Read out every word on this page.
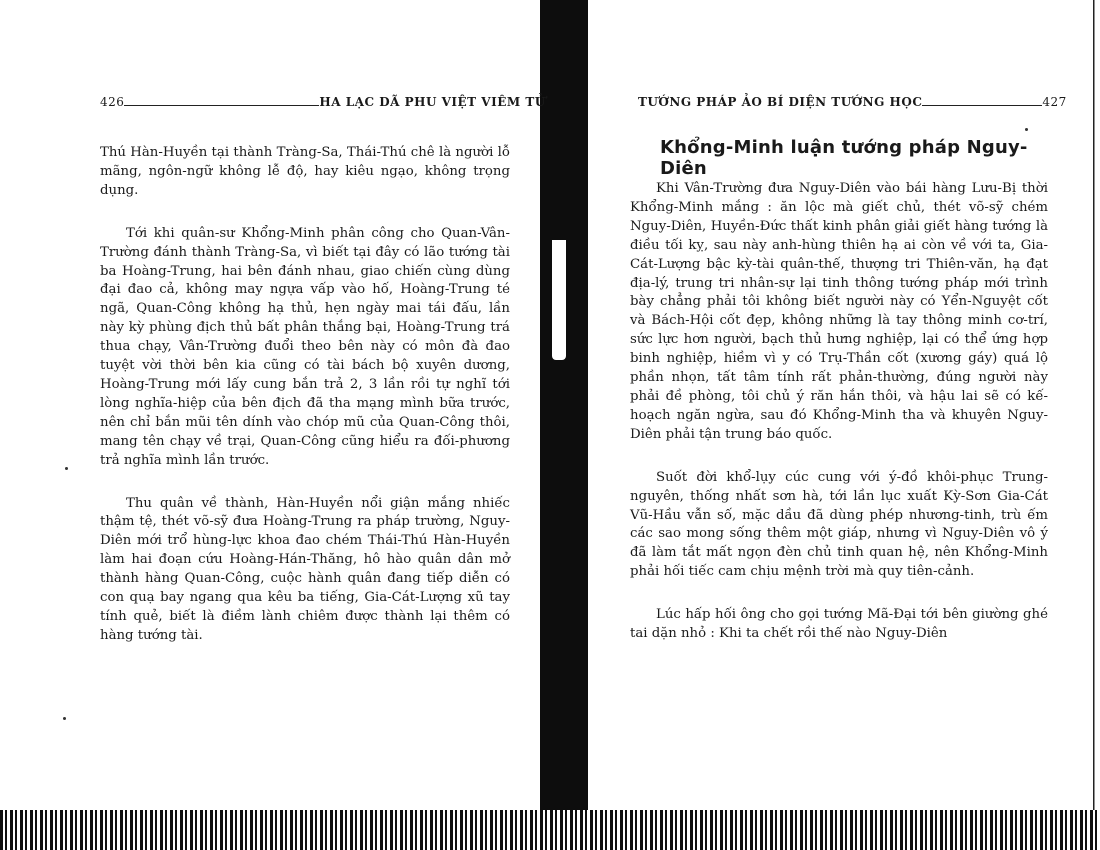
426	HA LẠC DÃ PHU VIỆT VIÊM TỬ

Thú Hàn-Huyền tại thành Tràng-Sa, Thái-Thú chê là người lỗ mãng, ngôn-ngữ không lễ độ, hay kiêu ngạo, không trọng dụng.

Tới khi quân-sư Khổng-Minh phân công cho Quan-Vân-Trường đánh thành Tràng-Sa, vì biết tại đây có lão tướng tài ba Hoàng-Trung, hai bên đánh nhau, giao chiến cùng dùng đại đao cả, không may ngựa vấp vào hố, Hoàng-Trung té ngã, Quan-Công không hạ thủ, hẹn ngày mai tái đấu, lần này kỳ phùng địch thủ bất phân thắng bại, Hoàng-Trung trá thua chạy, Vân-Trường đuổi theo bên này có môn đà đao tuyệt vời thời bên kia cũng có tài bách bộ xuyên dương, Hoàng-Trung mới lấy cung bắn trả 2, 3 lần rồi tự nghĩ tới lòng nghĩa-hiệp của bên địch đã tha mạng mình bữa trước, nên chỉ bắn mũi tên dính vào chóp mũ của Quan-Công thôi, mang tên chạy về trại, Quan-Công cũng hiểu ra đối-phương trả nghĩa mình lần trước.

Thu quân về thành, Hàn-Huyền nổi giận mắng nhiếc thậm tệ, thét võ-sỹ đưa Hoàng-Trung ra pháp trường, Nguy-Diên mới trổ hùng-lực khoa đao chém Thái-Thú Hàn-Huyền làm hai đoạn cứu Hoàng-Hán-Thăng, hô hào quân dân mở thành hàng Quan-Công, cuộc hành quân đang tiếp diễn có con quạ bay ngang qua kêu ba tiếng, Gia-Cát-Lượng xũ tay tính quẻ, biết là điềm lành chiêm được thành lại thêm có hàng tướng tài.

TƯỚNG PHÁP ẢO BÍ DIỆN TƯỚNG HỌC	427
Khổng-Minh luận tướng pháp Nguy-Diên

Khi Vân-Trường đưa Nguy-Diên vào bái hàng Lưu-Bị thời Khổng-Minh mắng : ăn lộc mà giết chủ, thét võ-sỹ chém Nguy-Diên, Huyền-Đức thất kinh phân giải giết hàng tướng là điều tối kỵ, sau này anh-hùng thiên hạ ai còn về với ta, Gia-Cát-Lượng bậc kỳ-tài quân-thế, thượng tri Thiên-văn, hạ đạt địa-lý, trung tri nhân-sự lại tinh thông tướng pháp mới trình bày chẳng phải tôi không biết người này có Yển-Nguyệt cốt và Bách-Hội cốt đẹp, không những là tay thông minh cơ-trí, sức lực hơn người, bạch thủ hưng nghiệp, lại có thể ứng hợp binh nghiệp, hiềm vì y có Trụ-Thần cốt (xương gáy) quá lộ phần nhọn, tất tâm tính rất phản-thường, đúng người này phải đề phòng, tôi chủ ý răn hắn thôi, và hậu lai sẽ có kế-hoạch ngăn ngừa, sau đó Khổng-Minh tha và khuyên Nguy-Diên phải tận trung báo quốc.

Suốt đời khổ-lụy cúc cung với ý-đồ khôi-phục Trung-nguyên, thống nhất sơn hà, tới lần lục xuất Kỳ-Sơn Gia-Cát Vũ-Hầu vẫn số, mặc dầu đã dùng phép nhương-tinh, trù ếm các sao mong sống thêm một giáp, nhưng vì Nguy-Diên vô ý đã làm tắt mất ngọn đèn chủ tinh quan hệ, nên Khổng-Minh phải hối tiếc cam chịu mệnh trời mà quy tiên-cảnh.

Lúc hấp hối ông cho gọi tướng Mã-Đại tới bên giường ghé tai dặn nhỏ : Khi ta chết rồi thế nào Nguy-Diên
